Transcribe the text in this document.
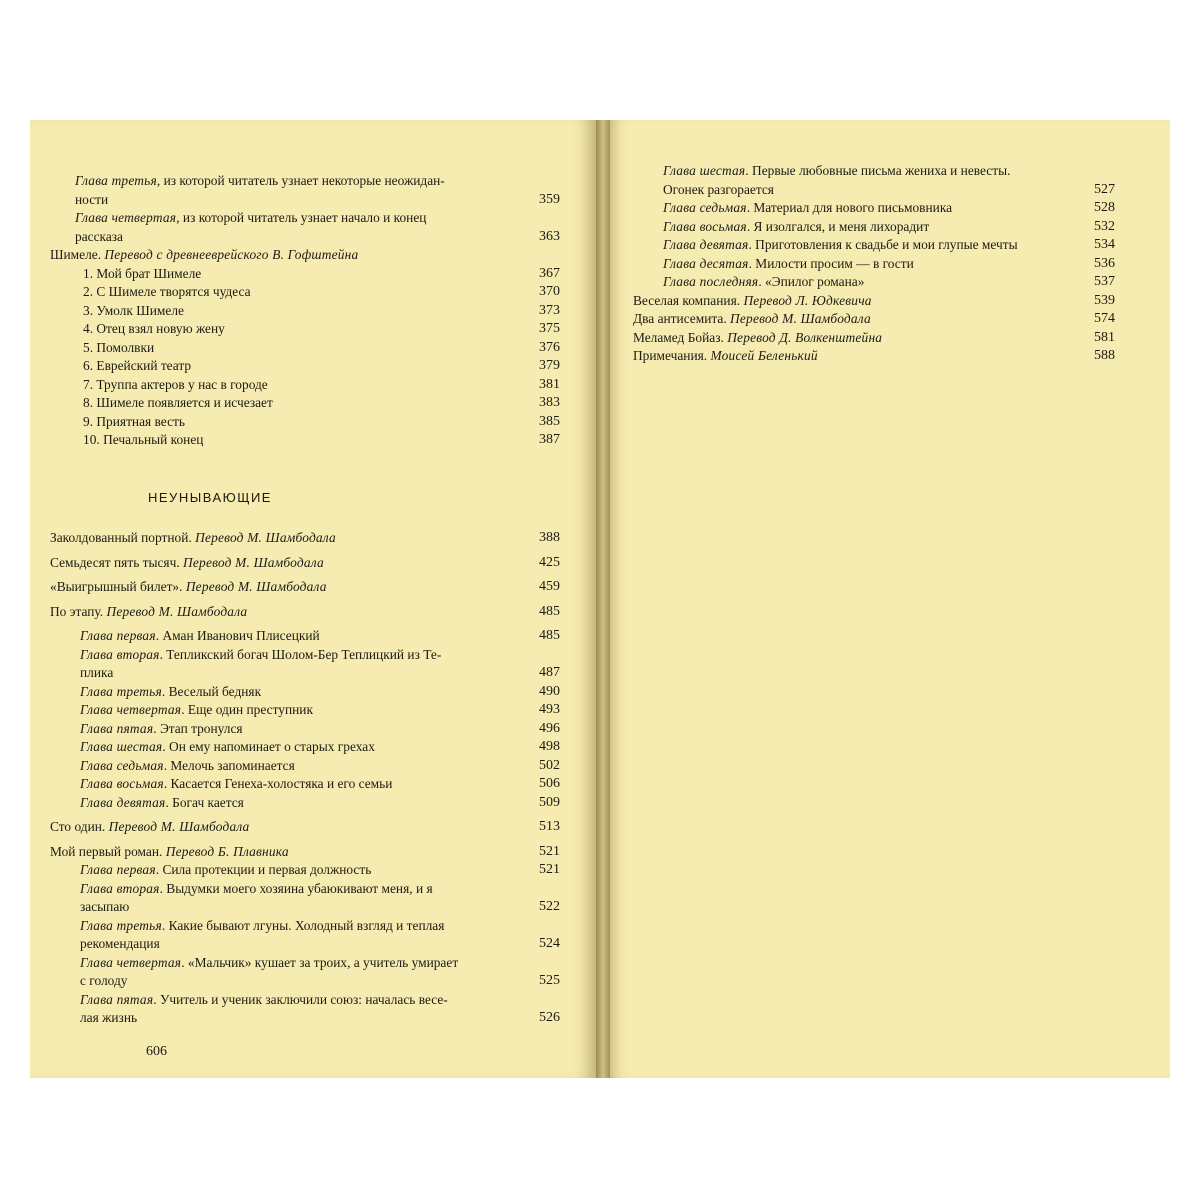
Глава третья, из которой читатель узнает некоторые неожидан-
ности	359
Глава четвертая, из которой читатель узнает начало и конец
рассказа	363
Шимеле. Перевод с древнееврейского В. Гофштейна
1. Мой брат Шимеле	367
2. С Шимеле творятся чудеса	370
3. Умолк Шимеле	373
4. Отец взял новую жену	375
5. Помолвки	376
6. Еврейский театр	379
7. Труппа актеров у нас в городе	381
8. Шимеле появляется и исчезает	383
9. Приятная весть	385
10. Печальный конец	387
НЕУНЫВАЮЩИЕ
Заколдованный портной. Перевод М. Шамбодала	388
Семьдесят пять тысяч. Перевод М. Шамбодала	425
«Выигрышный билет». Перевод М. Шамбодала	459
По этапу. Перевод М. Шамбодала	485
Глава первая. Аман Иванович Плисецкий	485
Глава вторая. Тепликский богач Шолом-Бер Теплицкий из Те-
плика	487
Глава третья. Веселый бедняк	490
Глава четвертая. Еще один преступник	493
Глава пятая. Этап тронулся	496
Глава шестая. Он ему напоминает о старых грехах	498
Глава седьмая. Мелочь запоминается	502
Глава восьмая. Касается Генеха-холостяка и его семьи	506
Глава девятая. Богач кается	509
Сто один. Перевод М. Шамбодала	513
Мой первый роман. Перевод Б. Плавника	521
Глава первая. Сила протекции и первая должность	521
Глава вторая. Выдумки моего хозяина убаюкивают меня, и я
засыпаю	522
Глава третья. Какие бывают лгуны. Холодный взгляд и теплая
рекомендация	524
Глава четвертая. «Мальчик» кушает за троих, а учитель умирает
с голоду	525
Глава пятая. Учитель и ученик заключили союз: началась весе-
лая жизнь	526
606
Глава шестая. Первые любовные письма жениха и невесты.
Огонек разгорается	527
Глава седьмая. Материал для нового письмовника	528
Глава восьмая. Я изолгался, и меня лихорадит	532
Глава девятая. Приготовления к свадьбе и мои глупые мечты	534
Глава десятая. Милости просим — в гости	536
Глава последняя. «Эпилог романа»	537
Веселая компания. Перевод Л. Юдкевича	539
Два антисемита. Перевод М. Шамбодала	574
Меламед Бойаз. Перевод Д. Волкенштейна	581
Примечания. Моисей Беленький	588
